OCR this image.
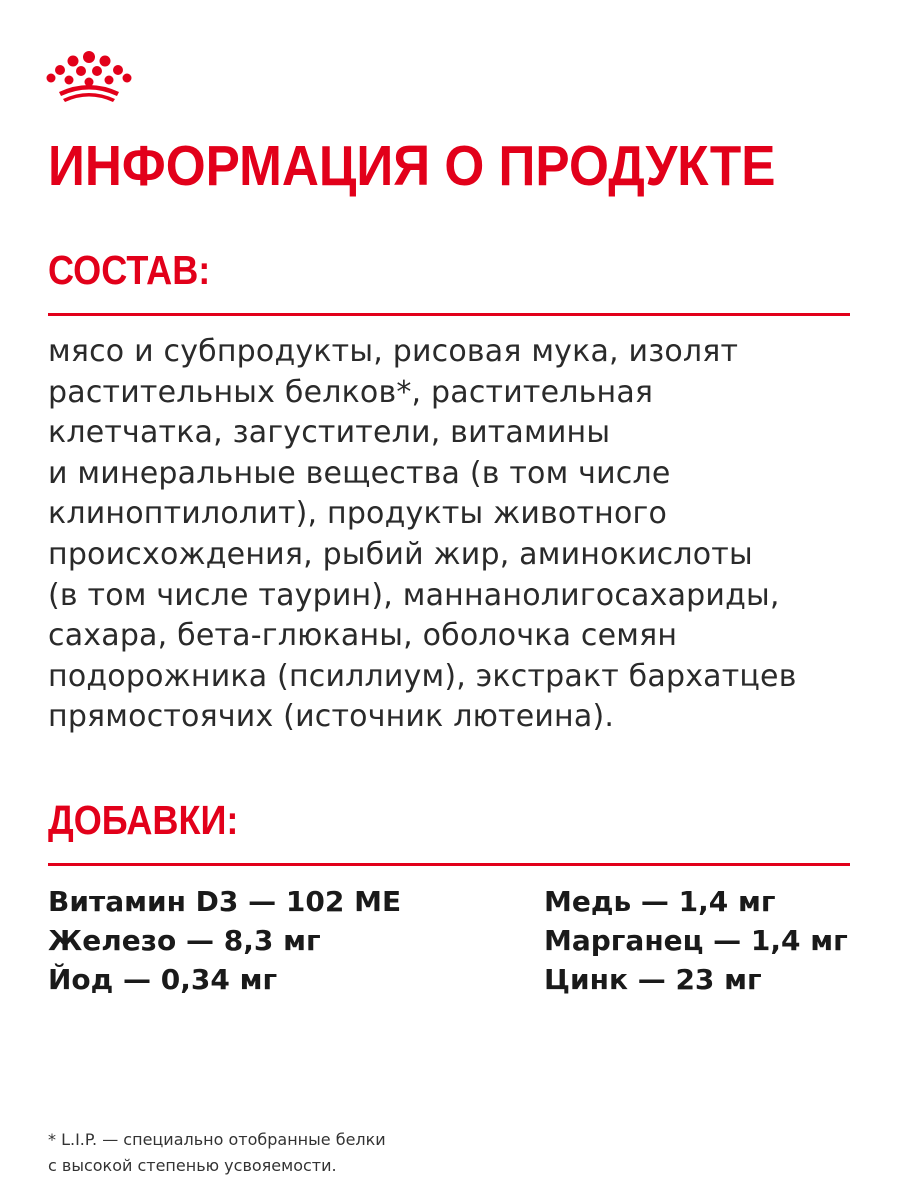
ИНФОРМАЦИЯ О ПРОДУКТЕ
СОСТАВ:

мясо и субпродукты, рисовая мука, изолят
растительных белков*, растительная
клетчатка, загустители, витамины
и минеральные вещества (в том числе
клиноптилолит), продукты животного
происхождения, рыбий жир, аминокислоты
(в том числе таурин), маннанолигосахариды,
сахара, бета-глюканы, оболочка семян
подорожника (псиллиум), экстракт бархатцев
прямостоячих (источник лютеина).

ДОБАВКИ:
Витамин D3 — 102 МЕ
Железо — 8,3 мг
Йод — 0,34 мг
Медь — 1,4 мг
Марганец — 1,4 мг
Цинк — 23 мг
* L.I.P. — специально отобранные белки
с высокой степенью усвояемости.
